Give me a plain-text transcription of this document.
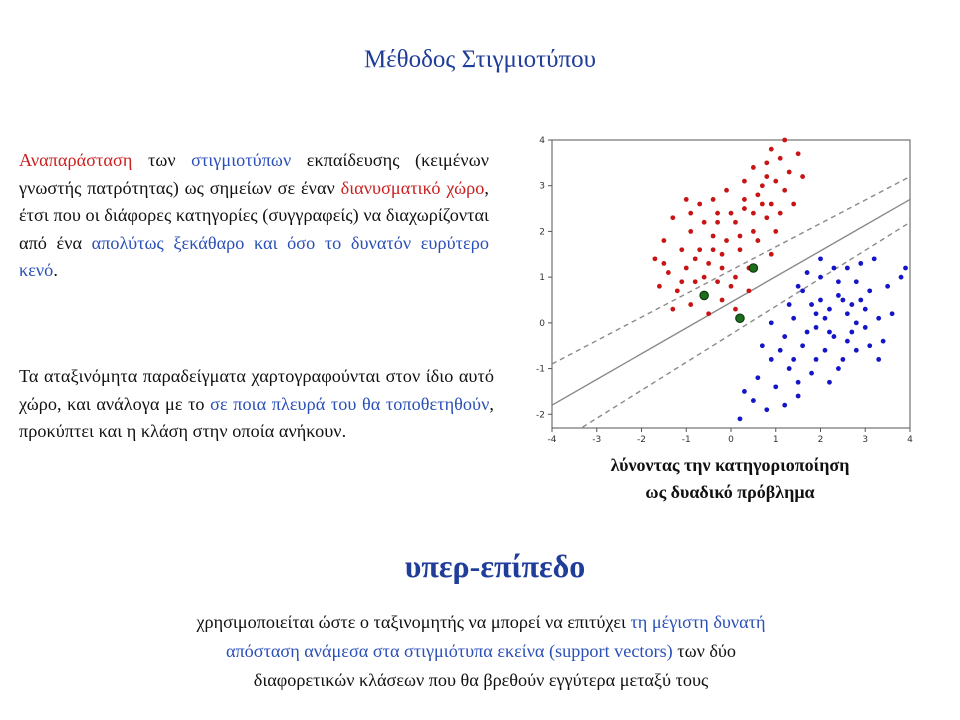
Μέθοδος Στιγμιοτύπου
Αναπαράσταση των στιγμιοτύπων εκπαίδευσης (κειμένων γνωστής πατρότητας) ως σημείων σε έναν διανυσματικό χώρο, έτσι που οι διάφορες κατηγορίες (συγγραφείς) να διαχωρίζονται από ένα απολύτως ξεκάθαρο και όσο το δυνατόν ευρύτερο κενό.
Τα αταξινόμητα παραδείγματα χαρτογραφούνται στον ίδιο αυτό χώρο, και ανάλογα με το σε ποια πλευρά του θα τοποθετηθούν, προκύπτει και η κλάση στην οποία ανήκουν.	-4	-3	-2	-1	0	1	2	3	4
-2
-1
0
1
2
3
4
λύνοντας την κατηγοριοποίηση
ως δυαδικό πρόβλημα
υπερ-επίπεδο
χρησιμοποιείται ώστε ο ταξινομητής να μπορεί να επιτύχει τη μέγιστη δυνατή
απόσταση ανάμεσα στα στιγμιότυπα εκείνα (support vectors) των δύο
διαφορετικών κλάσεων που θα βρεθούν εγγύτερα μεταξύ τους
